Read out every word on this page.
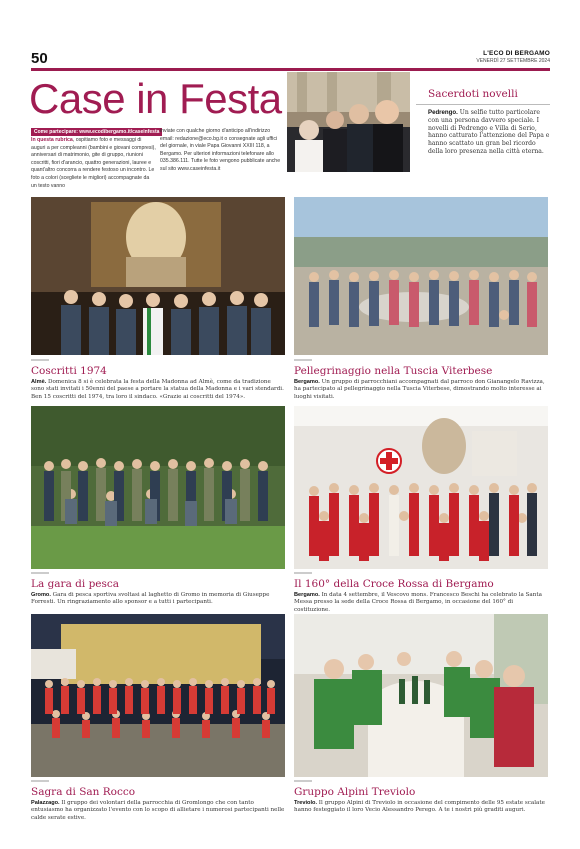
50	L'ECO DI BERGAMO
VENERDÌ 27 SETTEMBRE 2024
Case in Festa
Come partecipare: www.ecodibergamo.it/caseinfesta
In questa rubrica, ospitiamo foto e messaggi di auguri a per compleanni (bambini e giovani compresi), anniversari di matrimonio, gite di gruppo, riunioni coscritti, fiori d'arancio, quattro generazioni, lauree e quant'altro concorra a rendere festoso un incontro. Le foto a colori (scegliete le migliori) accompagnate da un testo vanno
inviate con qualche giorno d'anticipo all'indirizzo email: redazione@eco.bg.it o consegnate agli uffici del giornale, in viale Papa Giovanni XXIII 118, a Bergamo. Per ulteriori informazioni telefonare allo 035.386.111. Tutte le foto vengono pubblicate anche sul sito www.caseinfesta.it
Sacerdoti novelli
Pedrengo. Un selfie tutto particolare con una persona davvero speciale. I novelli di Pedrengo e Villa di Serio, hanno catturato l'attenzione del Papa e hanno scattato un gran bel ricordo della loro presenza nella città eterna.
Coscritti 1974
Almè. Domenica 8 si è celebrata la festa della Madonna ad Almè, come da tradizione sono stati invitati i 50enni del paese a portare la statua della Madonna e i vari stendardi. Ben 15 coscritti del 1974, tra loro il sindaco. «Grazie ai coscritti del 1974».
Pellegrinaggio nella Tuscia Viterbese
Bergamo. Un gruppo di parrocchiani accompagnati dal parroco don Gianangelo Ravizza, ha partecipato al pellegrinaggio nella Tuscia Viterbese, dimostrando molto interesse ai luoghi visitati.
La gara di pesca
Gromo. Gara di pesca sportiva svoltasi al laghetto di Gromo in memoria di Giuseppe Forresti. Un ringraziamento allo sponsor e a tutti i partecipanti.
Il 160° della Croce Rossa di Bergamo
Bergamo. In data 4 settembre, il Vescovo mons. Francesco Beschi ha celebrato la Santa Messa presso la sede della Croce Rossa di Bergamo, in occasione del 160° di costituzione.
Sagra di San Rocco
Palazzago. Il gruppo dei volontari della parrocchia di Gromlongo che con tanto entusiasmo ha organizzato l'evento con lo scopo di allietare i numerosi partecipanti nelle calde serate estive.
Gruppo Alpini Treviolo
Treviolo. Il gruppo Alpini di Treviolo in occasione del compimento delle 95 estate scalate hanno festeggiato il loro Vecio Alessandro Perego. A te i nostri più graditi auguri.
